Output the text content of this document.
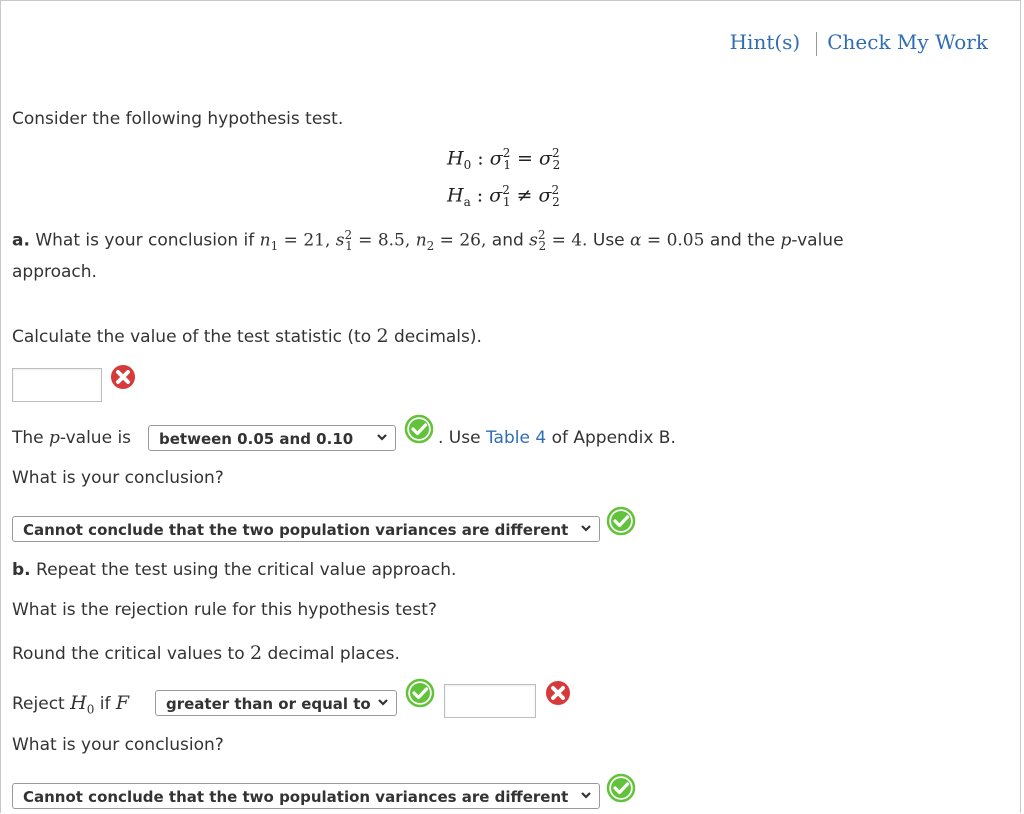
Hint(s) Check My Work
Consider the following hypothesis test.
$H_0$ : $\sigma^2_1 = \sigma^2_2$
$H_a$ : $\sigma^2_1 \ne \sigma^2_2$
a. What is your conclusion if $n_1 = 21$, $s^2_1 = 8.5$, $n_2 = 26$, and $s^2_2 = 4$. Use α = 0.05 and the p-value
approach.
Calculate the value of the test statistic (to 2 decimals).
The p-value is	between 0.05 and 0.10	. Use Table 4 of Appendix B.
What is your conclusion?
Cannot conclude that the two population variances are different
b. Repeat the test using the critical value approach.
What is the rejection rule for this hypothesis test?
Round the critical values to 2 decimal places.
Reject $H_0$ if F	greater than or equal to
What is your conclusion?
Cannot conclude that the two population variances are different
